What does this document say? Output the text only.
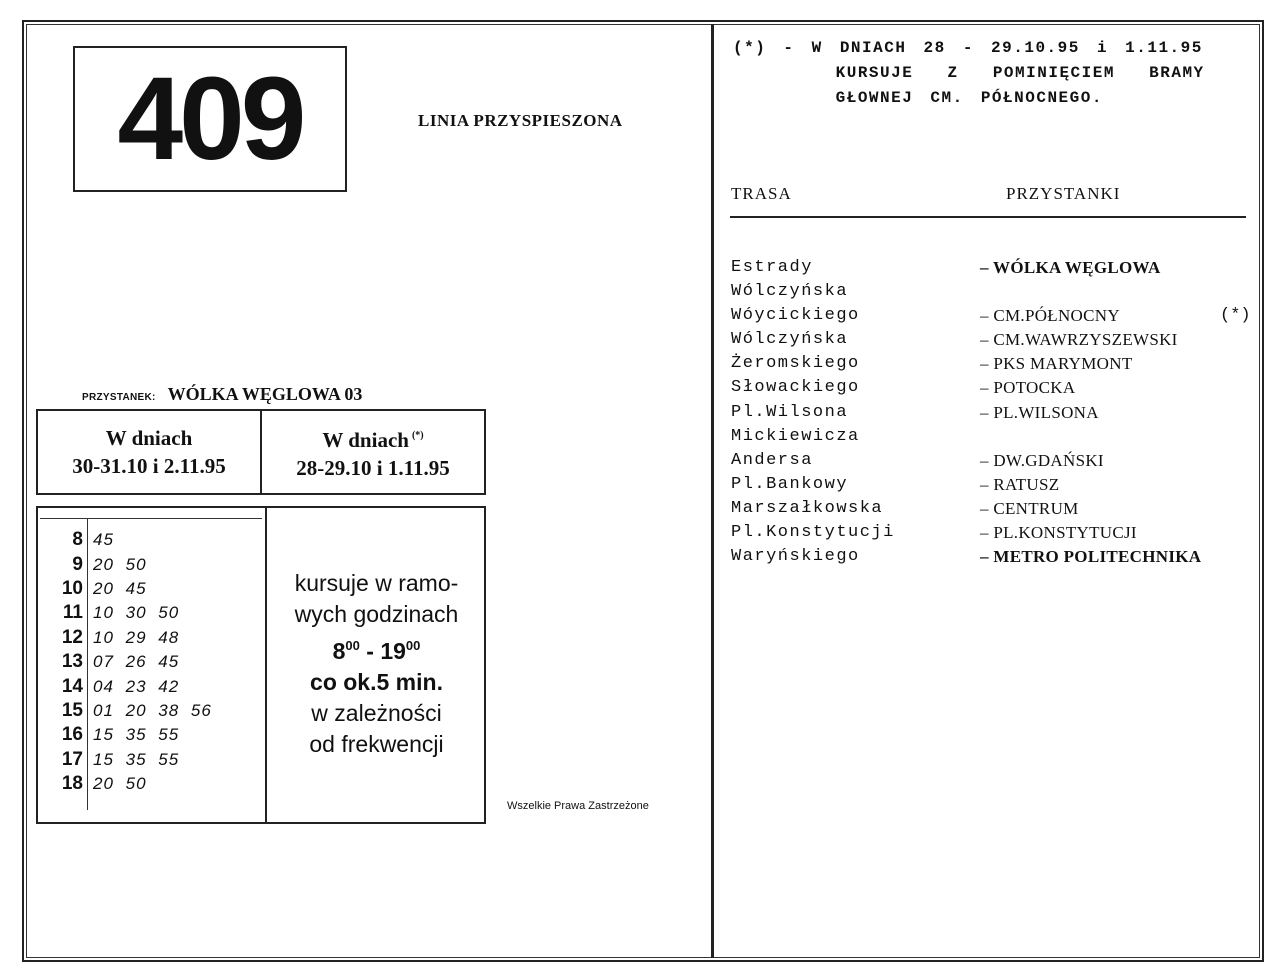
409	LINIA PRZYSPIESZONA
PRZYSTANEK: WÓLKA WĘGLOWA 03
W dniach
30-31.10 i 2.11.95
W dniach (*)
28-29.10 i 1.11.95
8 45
9 20 50
10 20 45
11 10 30 50
12 10 29 48
13 07 26 45
14 04 23 42
15 01 20 38 56
16 15 35 55
17 15 35 55
18 20 50
kursuje w ramo-
wych godzinach
$8^{00} - 19^{00}$
co ok.5 min.
w zależności
od frekwencji
Wszelkie Prawa Zastrzeżone
(*) - W DNIACH 28 - 29.10.95 i 1.11.95
KURSUJE  Z  POMINIĘCIEM  BRAMY
GŁOWNEJ CM. PÓŁNOCNEGO.
TRASA	PRZYSTANKI
Estrady	– WÓLKA WĘGLOWA
Wólczyńska
Wóycickiego	– CM.PÓŁNOCNY	(*)
Wólczyńska	– CM.WAWRZYSZEWSKI
Żeromskiego	– PKS MARYMONT
Słowackiego	– POTOCKA
Pl.Wilsona	– PL.WILSONA
Mickiewicza
Andersa	– DW.GDAŃSKI
Pl.Bankowy	– RATUSZ
Marszałkowska	– CENTRUM
Pl.Konstytucji	– PL.KONSTYTUCJI
Waryńskiego	– METRO POLITECHNIKA
